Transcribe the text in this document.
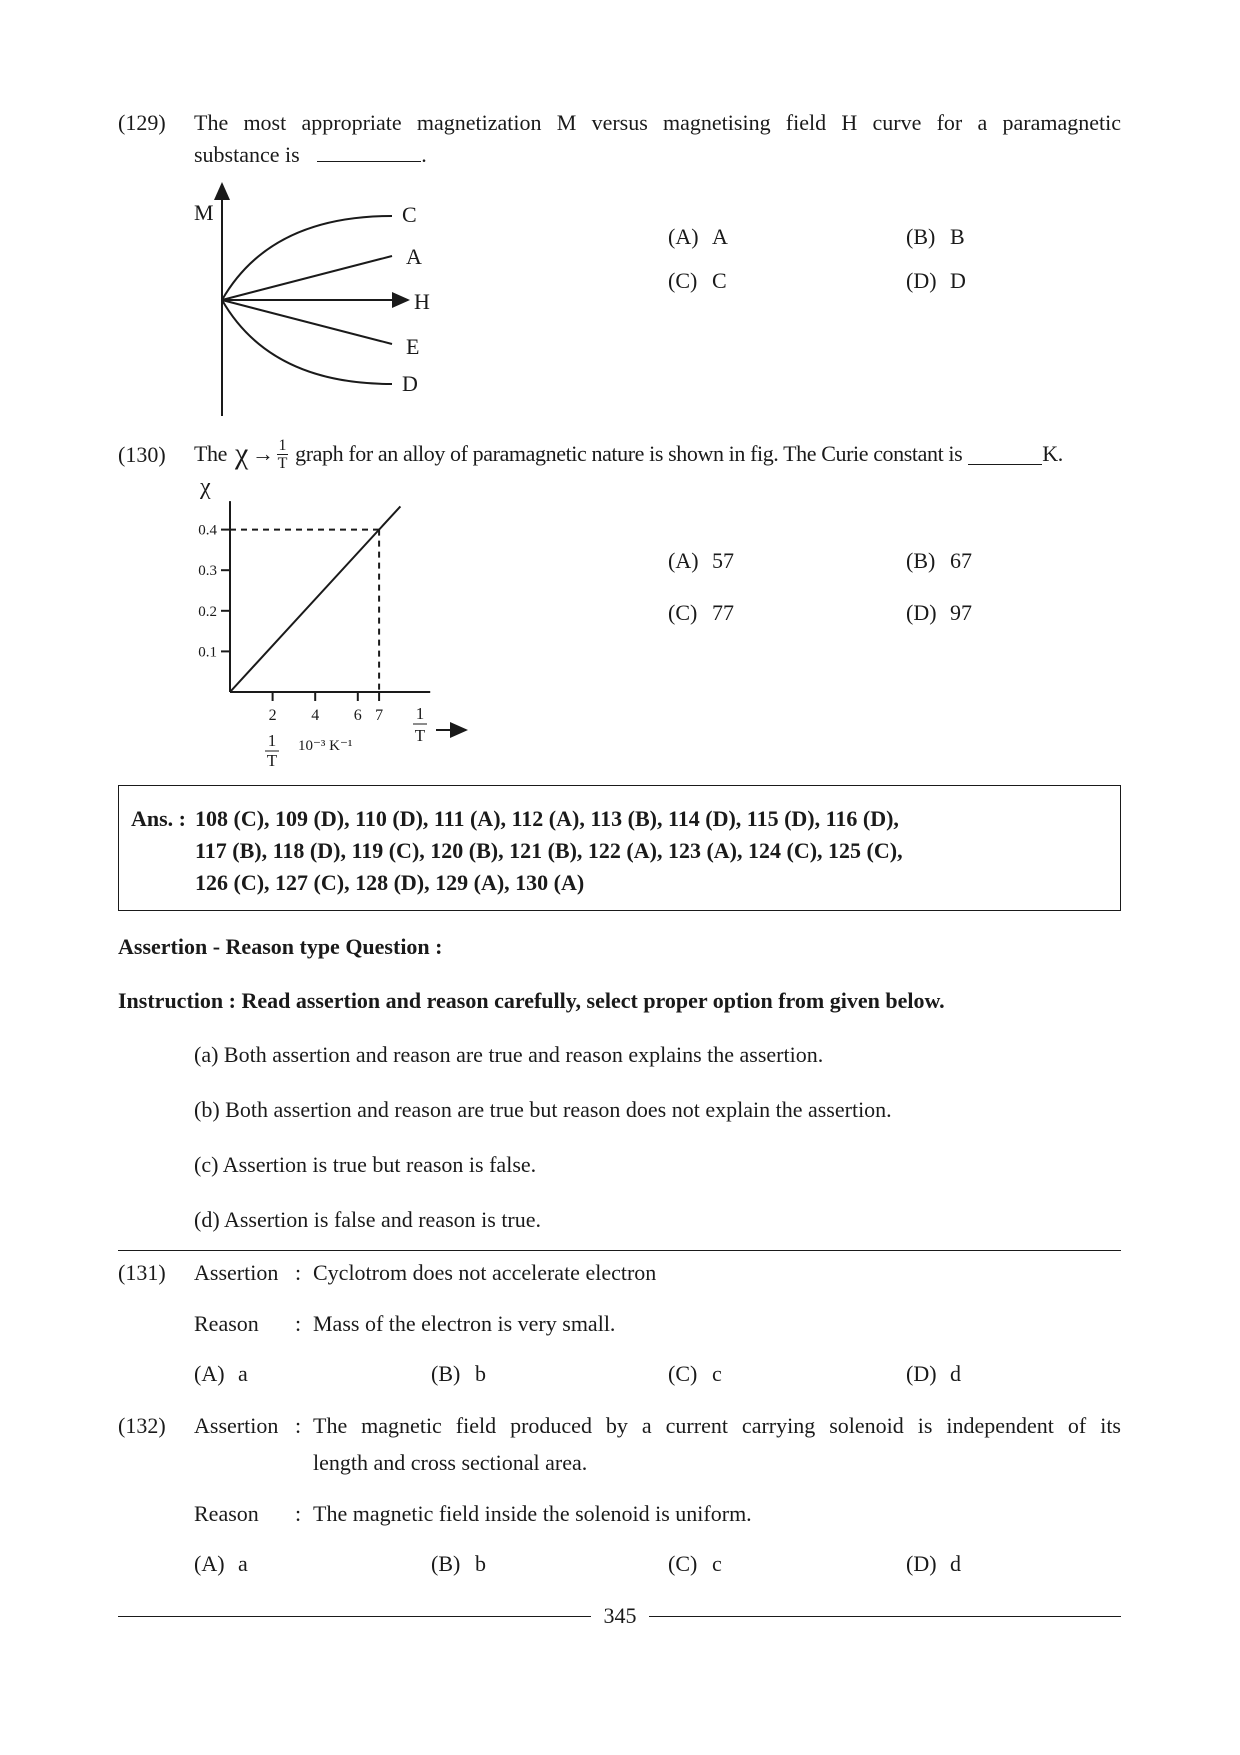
(129) The most appropriate magnetization M versus magnetising field H curve for a paramagnetic
substance is	.
M
H
C
A
E
D
(A) A	(B) B
(C) C	(D) D
(130) The $\chi \to \frac{1}{T}$ graph for an alloy of paramagnetic nature is shown in fig. The Curie constant is	K.
0.1
0.2
0.3
0.4
2 4 6 7
χ
10⁻³ K⁻¹
1
T
1
T
(A) 57	(B) 67
(C) 77	(D) 97
Ans. : 108 (C), 109 (D), 110 (D), 111 (A), 112 (A), 113 (B), 114 (D), 115 (D), 116 (D),
117 (B), 118 (D), 119 (C), 120 (B), 121 (B), 122 (A), 123 (A), 124 (C), 125 (C),
126 (C), 127 (C), 128 (D), 129 (A), 130 (A)
Assertion - Reason type Question :
Instruction : Read assertion and reason carefully, select proper option from given below.
(a) Both assertion and reason are true and reason explains the assertion.
(b) Both assertion and reason are true but reason does not explain the assertion.
(c) Assertion is true but reason is false.
(d) Assertion is false and reason is true.
(131) Assertion : Cyclotrom does not accelerate electron
Reason : Mass of the electron is very small.
(A) a	(B) b	(C) c	(D) d
(132) Assertion : The magnetic field produced by a current carrying solenoid is independent of its
length and cross sectional area.
Reason : The magnetic field inside the solenoid is uniform.
(A) a	(B) b	(C) c	(D) d
345
